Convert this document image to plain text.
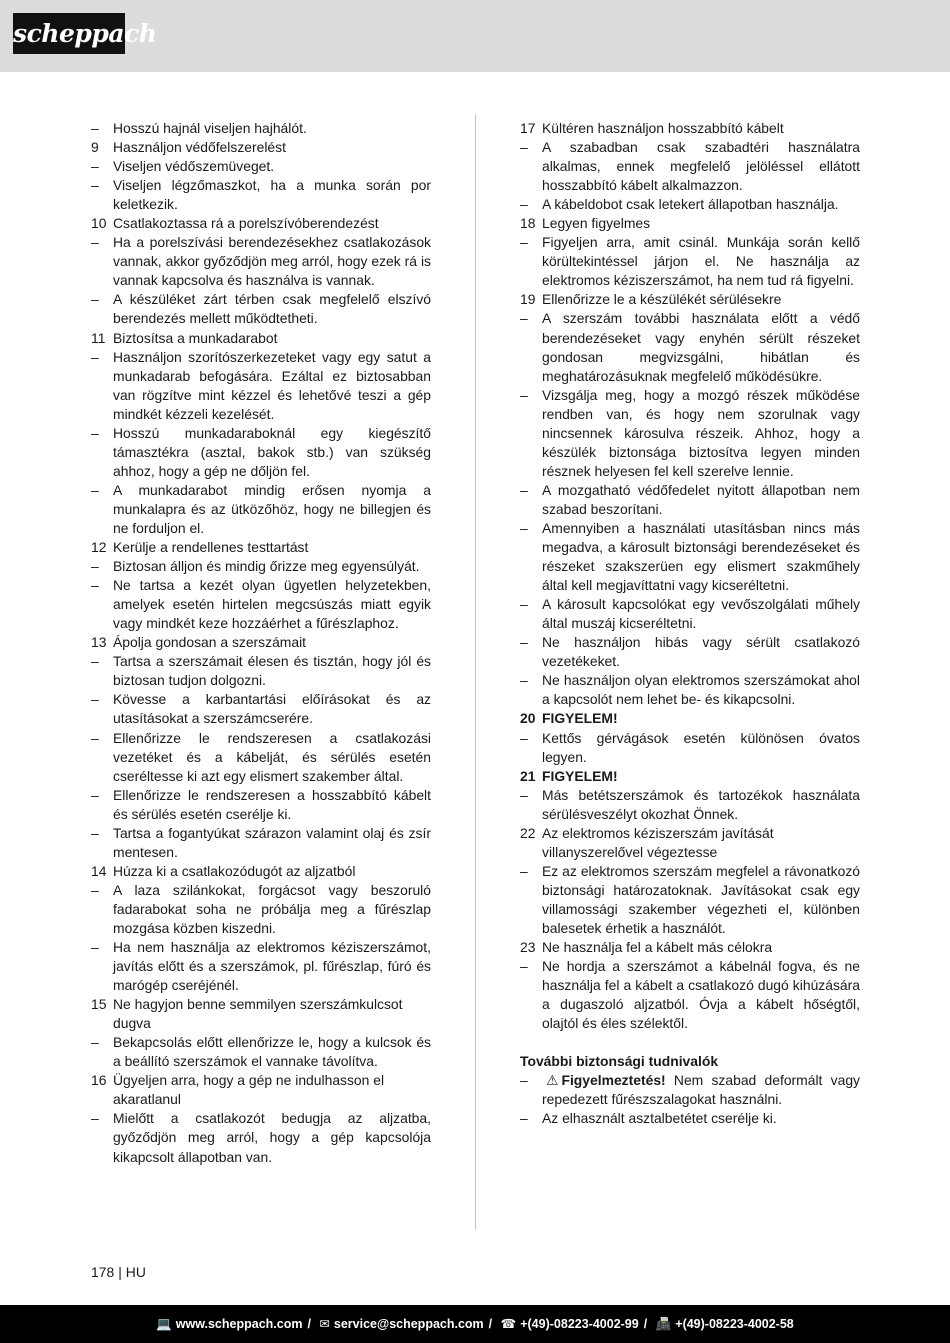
scheppach
–	Hosszú hajnál viseljen hajhálót.
9	Használjon védőfelszerelést
–	Viseljen védőszemüveget.
–	Viseljen légzőmaszkot, ha a munka során por keletkezik.
10 Csatlakoztassa rá a porelszívóberendezést
–	Ha a porelszívási berendezésekhez csatlakozások vannak, akkor győződjön meg arról, hogy ezek rá is vannak kapcsolva és használva is vannak.
–	A készüléket zárt térben csak megfelelő elszívó berendezés mellett működtetheti.
11 Biztosítsa a munkadarabot
–	Használjon szorítószerkezeteket vagy egy satut a munkadarab befogására. Ezáltal ez biztosabban van rögzítve mint kézzel és lehetővé teszi a gép mindkét kézzeli kezelését.
–	Hosszú munkadaraboknál egy kiegészítő támasztékra (asztal, bakok stb.) van szükség ahhoz, hogy a gép ne dőljön fel.
–	A munkadarabot mindig erősen nyomja a munkalapra és az ütközőhöz, hogy ne billegjen és ne forduljon el.
12 Kerülje a rendellenes testtartást
–	Biztosan álljon és mindig őrizze meg egyensúlyát.
–	Ne tartsa a kezét olyan ügyetlen helyzetekben, amelyek esetén hirtelen megcsúszás miatt egyik vagy mindkét keze hozzáérhet a fűrészlaphoz.
13 Ápolja gondosan a szerszámait
–	Tartsa a szerszámait élesen és tisztán, hogy jól és biztosan tudjon dolgozni.
–	Kövesse a karbantartási előírásokat és az utasításokat a szerszámcserére.
–	Ellenőrizze le rendszeresen a csatlakozási vezetéket és a kábelját, és sérülés esetén cseréltesse ki azt egy elismert szakember által.
–	Ellenőrizze le rendszeresen a hosszabbító kábelt és sérülés esetén cserélje ki.
–	Tartsa a fogantyúkat szárazon valamint olaj és zsír mentesen.
14 Húzza ki a csatlakozódugót az aljzatból
–	A laza szilánkokat, forgácsot vagy beszoruló fadarabokat soha ne próbálja meg a fűrészlap mozgása közben kiszedni.
–	Ha nem használja az elektromos kéziszerszámot, javítás előtt és a szerszámok, pl. fűrészlap, fúró és marógép cseréjénél.
15 Ne hagyjon benne semmilyen szerszámkulcsot dugva
–	Bekapcsolás előtt ellenőrizze le, hogy a kulcsok és a beállító szerszámok el vannake távolítva.
16 Ügyeljen arra, hogy a gép ne indulhasson el akaratlanul
–	Mielőtt a csatlakozót bedugja az aljzatba, győződjön meg arról, hogy a gép kapcsolója kikapcsolt állapotban van.
17 Kültéren használjon hosszabbító kábelt
–	A szabadban csak szabadtéri használatra alkalmas, ennek megfelelő jelöléssel ellátott hosszabbító kábelt alkalmazzon.
–	A kábeldobot csak letekert állapotban használja.
18 Legyen figyelmes
–	Figyeljen arra, amit csinál. Munkája során kellő körültekintéssel járjon el. Ne használja az elektromos kéziszerszámot, ha nem tud rá figyelni.
19 Ellenőrizze le a készülékét sérülésekre
–	A szerszám további használata előtt a védő berendezéseket vagy enyhén sérült részeket gondosan megvizsgálni, hibátlan és meghatározásuknak megfelelő működésükre.
–	Vizsgálja meg, hogy a mozgó részek működése rendben van, és hogy nem szorulnak vagy nincsennek károsulva részeik. Ahhoz, hogy a készülék biztonsága biztosítva legyen minden résznek helyesen fel kell szerelve lennie.
–	A mozgatható védőfedelet nyitott állapotban nem szabad beszorítani.
–	Amennyiben a használati utasításban nincs más megadva, a károsult biztonsági berendezéseket és részeket szakszerüen egy elismert szakműhely által kell megjavíttatni vagy kicseréltetni.
–	A károsult kapcsolókat egy vevőszolgálati műhely által muszáj kicseréltetni.
–	Ne használjon hibás vagy sérült csatlakozó vezetékeket.
–	Ne használjon olyan elektromos szerszámokat ahol a kapcsolót nem lehet be- és kikapcsolni.
20 FIGYELEM!
–	Kettős gérvágások esetén különösen óvatos legyen.
21 FIGYELEM!
–	Más betétszerszámok és tartozékok használata sérülésveszélyt okozhat Önnek.
22 Az elektromos kéziszerszám javítását villanyszerelővel végeztesse
–	Ez az elektromos szerszám megfelel a rávonatkozó biztonsági határozatoknak. Javításokat csak egy villamossági szakember végezheti el, különben balesetek érhetik a használót.
23 Ne használja fel a kábelt más célokra
–	Ne hordja a szerszámot a kábelnál fogva, és ne használja fel a kábelt a csatlakozó dugó kihúzására a dugaszoló aljzatból. Óvja a kábelt hőségtől, olajtól és éles szélektől.
További biztonsági tudnivalók
–	⚠ Figyelmeztetés! Nem szabad deformált vagy repedezett fűrészszalagokat használni.
–	Az elhasznált asztalbetétet cserélje ki.
178 | HU
💻 www.scheppach.com / ✉ service@scheppach.com / ☎ +(49)-08223-4002-99 / 📠 +(49)-08223-4002-58
